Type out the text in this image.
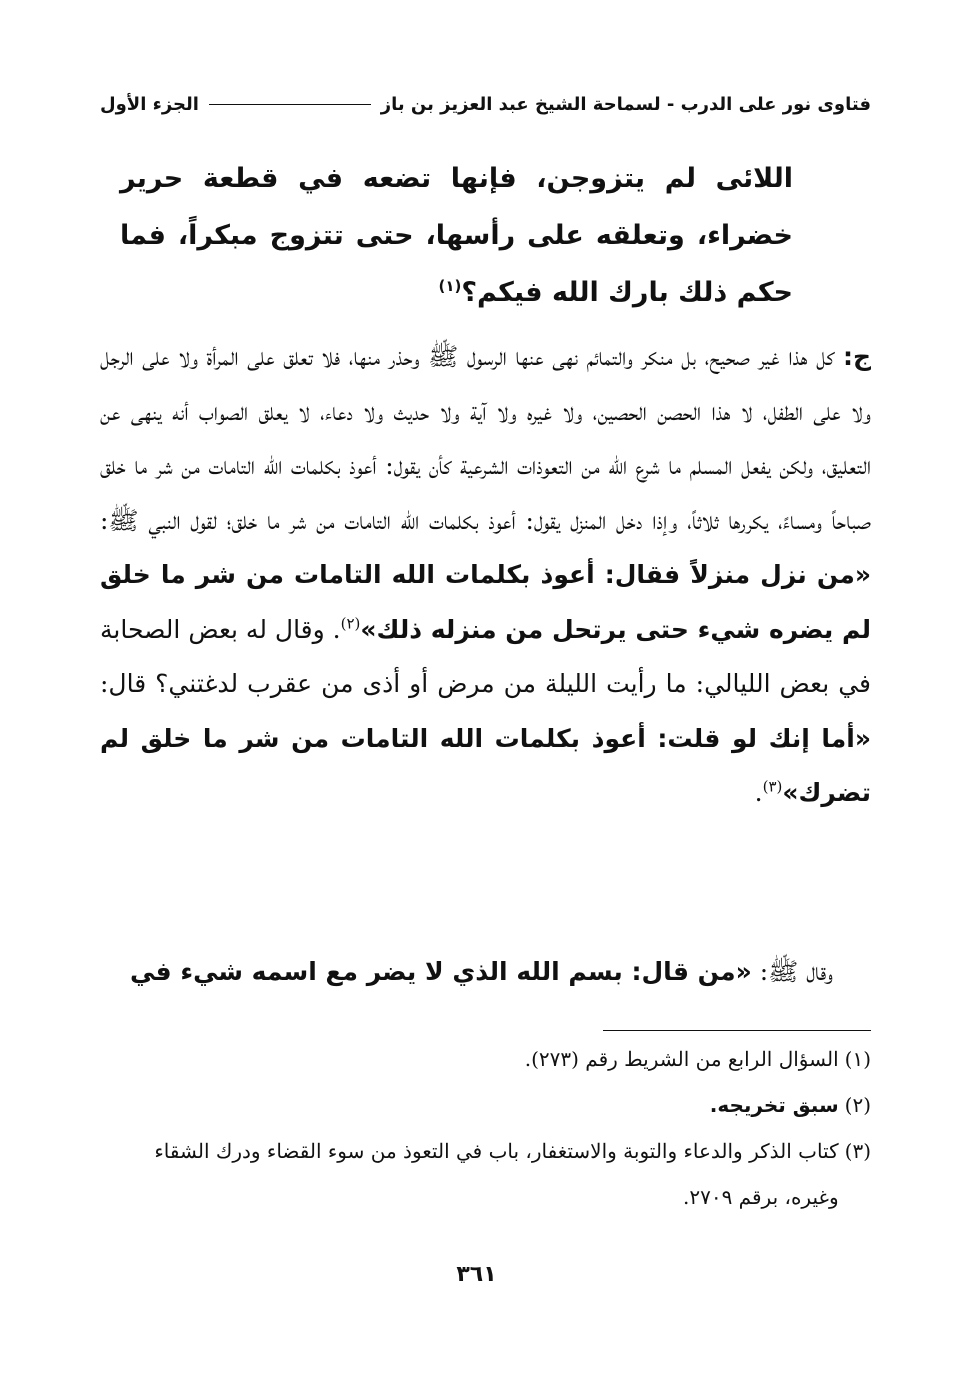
فتاوى نور على الدرب - لسماحة الشيخ عبد العزيز بن باز
الجزء الأول
اللائى لم يتزوجن، فإنها تضعه في قطعة حرير خضراء، وتعلقه على رأسها، حتى تتزوج مبكراً، فما حكم ذلك بارك الله فيكم؟$^{(١)}$
ج: كل هذا غير صحيح، بل منكر والتمائم نهى عنها الرسول ﷺ وحذر منها، فلا تعلق على المرأة ولا على الرجل ولا على الطفل، لا هذا الحصن الحصين، ولا غيره ولا آية ولا حديث ولا دعاء، لا يعلق الصواب أنه ينهى عن التعليق، ولكن يفعل المسلم ما شرع الله من التعوذات الشرعية كأن يقول: أعوذ بكلمات الله التامات من شر ما خلق صباحاً ومساءً، يكررها ثلاثاً، وإذا دخل المنزل يقول: أعوذ بكلمات الله التامات من شر ما خلق؛ لقول النبي ﷺ: «من نزل منزلاً فقال: أعوذ بكلمات الله التامات من شر ما خلق لم يضره شيء حتى يرتحل من منزله ذلك»$^{(٢)}$. وقال له بعض الصحابة في بعض الليالي: ما رأيت الليلة من مرض أو أذى من عقرب لدغتني؟ قال: «أما إنك لو قلت: أعوذ بكلمات الله التامات من شر ما خلق لم تضرك»$^{(٣)}$.
وقال ﷺ: «من قال: بسم الله الذي لا يضر مع اسمه شيء في
(١)
السؤال الرابع من الشريط رقم (٢٧٣).
(٢)
سبق تخريجه.
(٣)
كتاب الذكر والدعاء والتوبة والاستغفار، باب في التعوذ من سوء القضاء ودرك الشقاء وغيره، برقم ٢٧٠٩.
٣٦١
